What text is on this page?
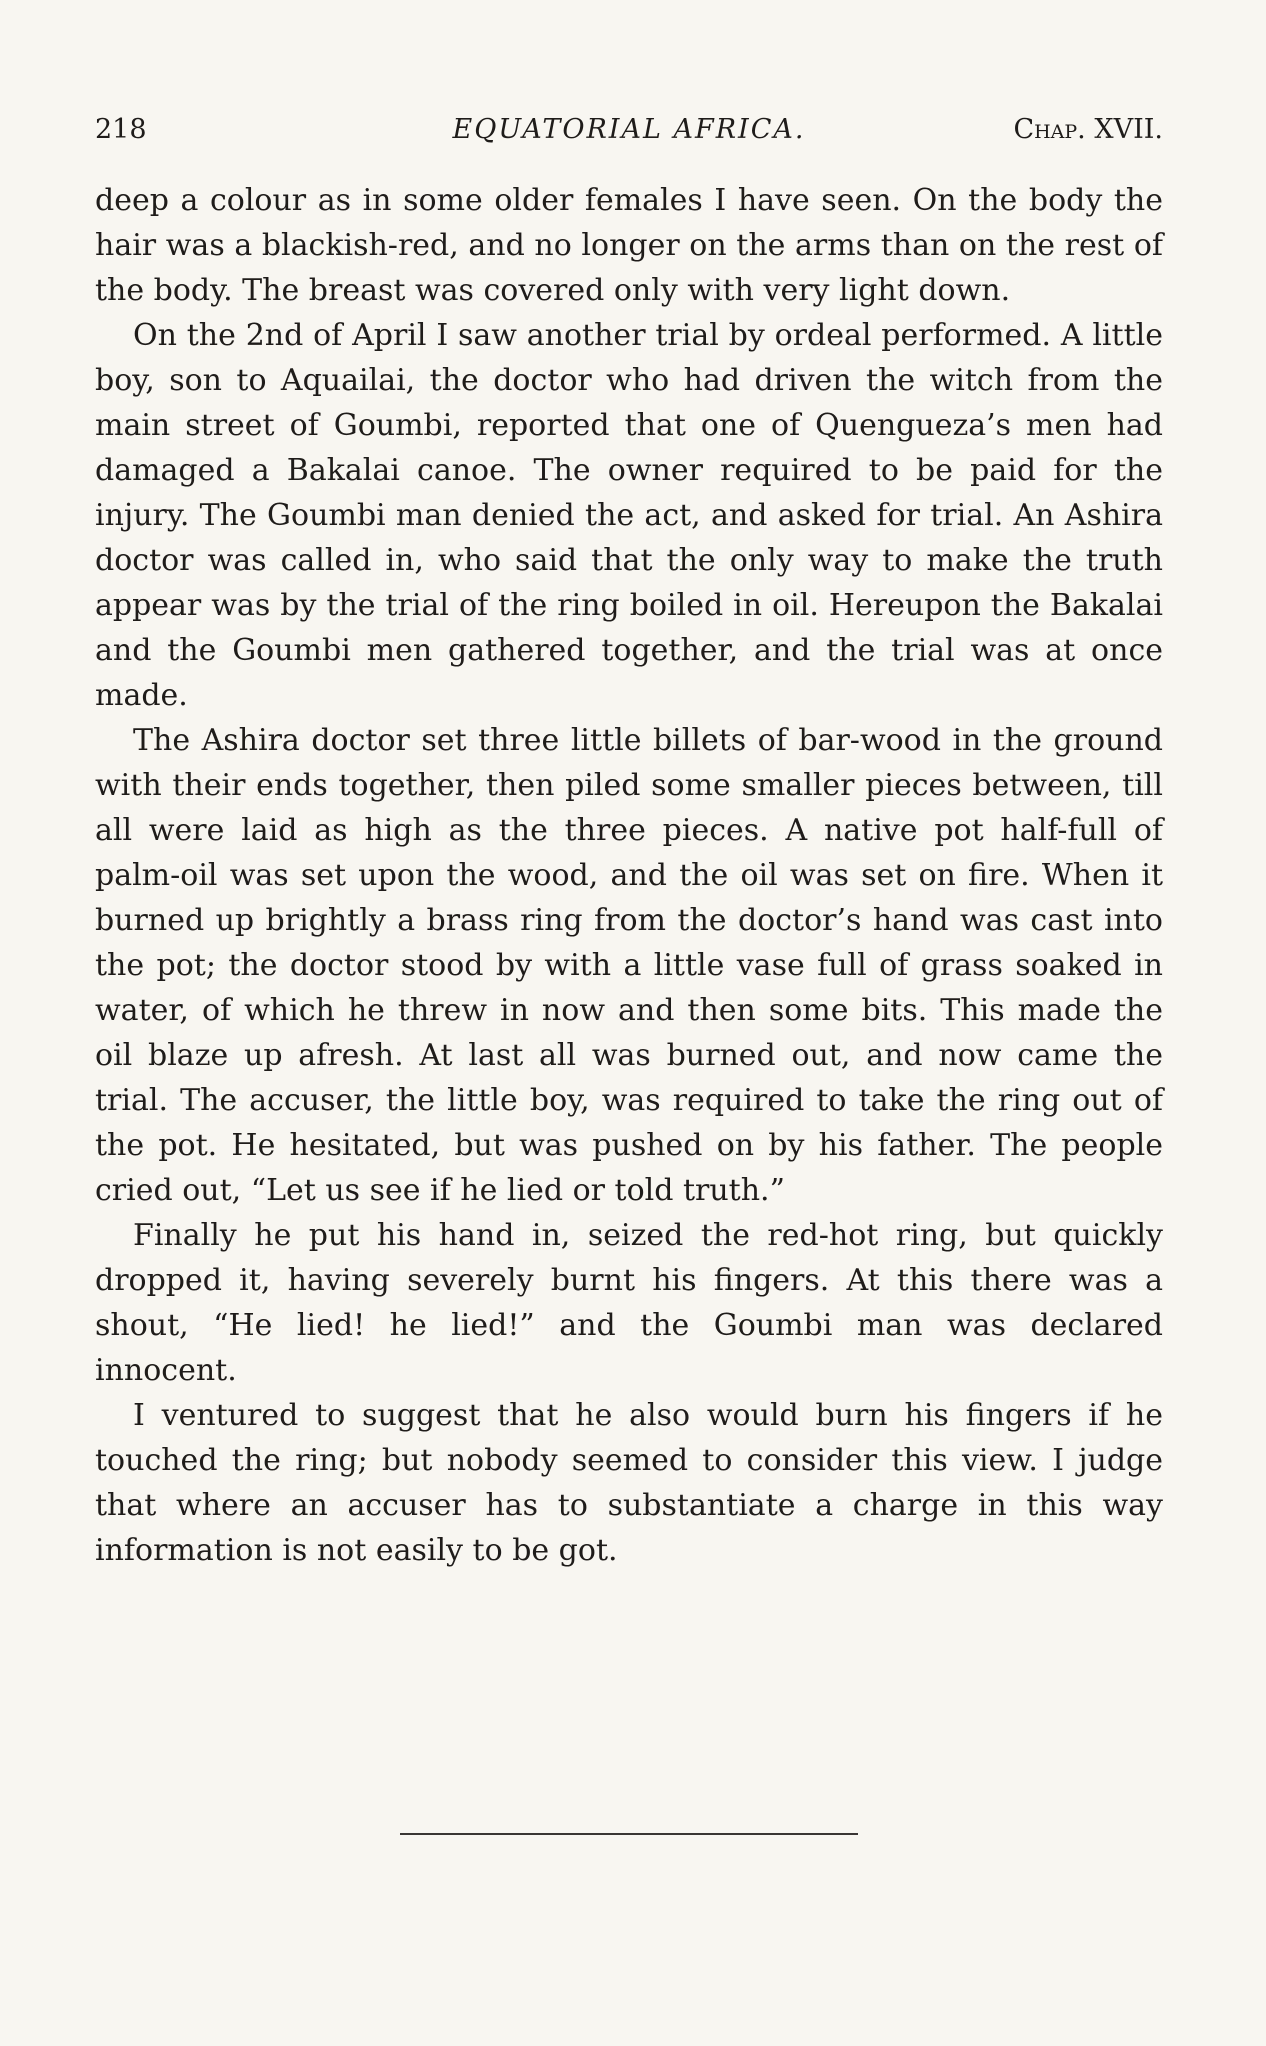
218	EQUATORIAL AFRICA.	Chap. XVII.

deep a colour as in some older females I have seen. On the body the hair was a blackish-red, and no longer on the arms than on the rest of the body. The breast was covered only with very light down.

On the 2nd of April I saw another trial by ordeal performed. A little boy, son to Aquailai, the doctor who had driven the witch from the main street of Goumbi, reported that one of Quengueza’s men had damaged a Bakalai canoe. The owner required to be paid for the injury. The Goumbi man denied the act, and asked for trial. An Ashira doctor was called in, who said that the only way to make the truth appear was by the trial of the ring boiled in oil. Hereupon the Bakalai and the Goumbi men gathered together, and the trial was at once made.

The Ashira doctor set three little billets of bar-wood in the ground with their ends together, then piled some smaller pieces between, till all were laid as high as the three pieces. A native pot half-full of palm-oil was set upon the wood, and the oil was set on fire. When it burned up brightly a brass ring from the doctor’s hand was cast into the pot; the doctor stood by with a little vase full of grass soaked in water, of which he threw in now and then some bits. This made the oil blaze up afresh. At last all was burned out, and now came the trial. The accuser, the little boy, was required to take the ring out of the pot. He hesitated, but was pushed on by his father. The people cried out, “Let us see if he lied or told truth.”

Finally he put his hand in, seized the red-hot ring, but quickly dropped it, having severely burnt his fingers. At this there was a shout, “He lied! he lied!” and the Goumbi man was declared innocent.

I ventured to suggest that he also would burn his fingers if he touched the ring; but nobody seemed to consider this view. I judge that where an accuser has to substantiate a charge in this way information is not easily to be got.
